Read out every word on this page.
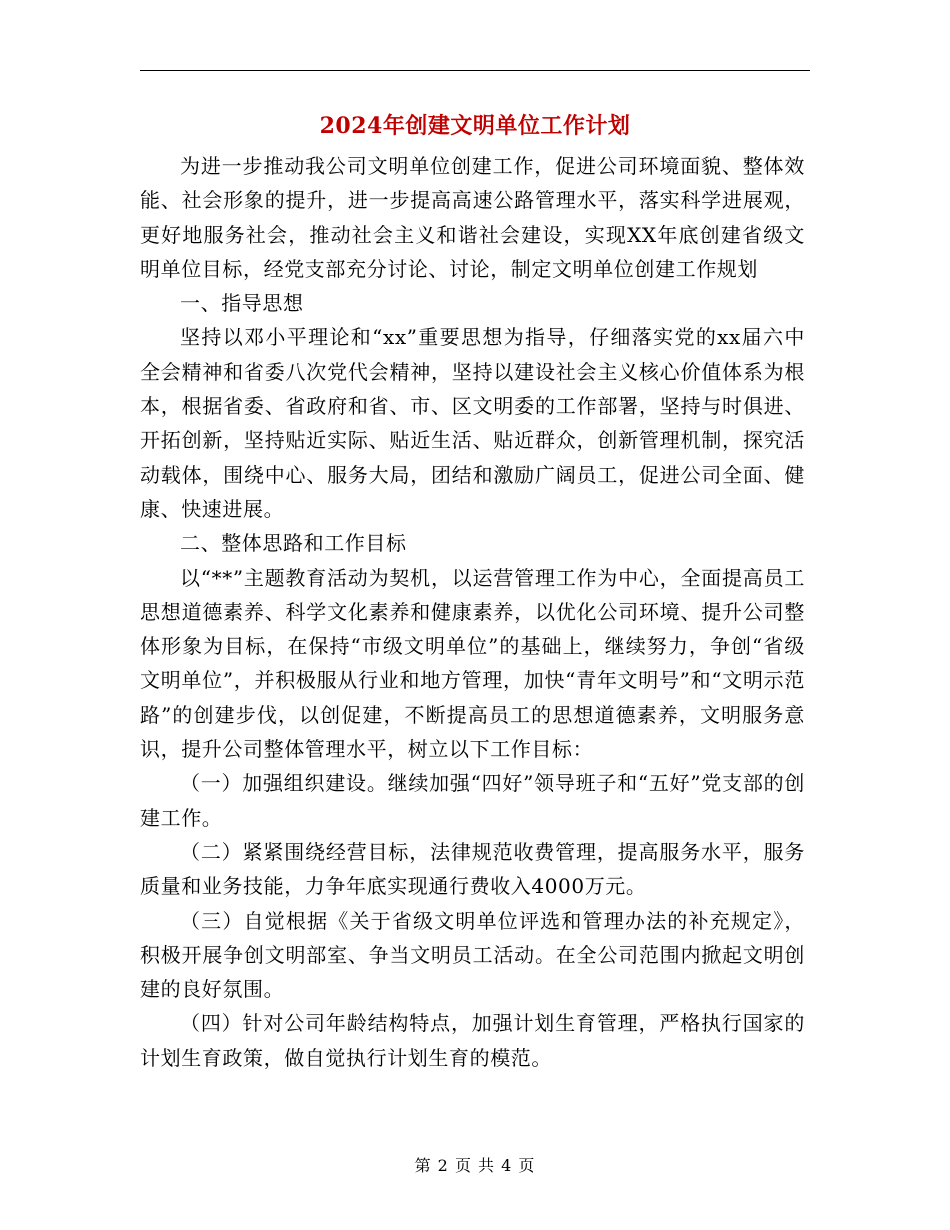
2024年创建文明单位工作计划

为进一步推动我公司文明单位创建工作，促进公司环境面貌、整体效能、社会形象的提升，进一步提高高速公路管理水平，落实科学进展观，更好地服务社会，推动社会主义和谐社会建设，实现XX年底创建省级文明单位目标，经党支部充分讨论、讨论，制定文明单位创建工作规划

一、指导思想

坚持以邓小平理论和“xx”重要思想为指导，仔细落实党的xx届六中全会精神和省委八次党代会精神，坚持以建设社会主义核心价值体系为根本，根据省委、省政府和省、市、区文明委的工作部署，坚持与时俱进、开拓创新，坚持贴近实际、贴近生活、贴近群众，创新管理机制，探究活动载体，围绕中心、服务大局，团结和激励广阔员工，促进公司全面、健康、快速进展。

二、整体思路和工作目标

以“**”主题教育活动为契机，以运营管理工作为中心，全面提高员工思想道德素养、科学文化素养和健康素养，以优化公司环境、提升公司整体形象为目标，在保持“市级文明单位”的基础上，继续努力，争创“省级文明单位”，并积极服从行业和地方管理，加快“青年文明号”和“文明示范路”的创建步伐，以创促建，不断提高员工的思想道德素养，文明服务意识，提升公司整体管理水平，树立以下工作目标：

（一）加强组织建设。继续加强“四好”领导班子和“五好”党支部的创建工作。

（二）紧紧围绕经营目标，法律规范收费管理，提高服务水平，服务质量和业务技能，力争年底实现通行费收入4000万元。

（三）自觉根据《关于省级文明单位评选和管理办法的补充规定》，积极开展争创文明部室、争当文明员工活动。在全公司范围内掀起文明创建的良好氛围。

（四）针对公司年龄结构特点，加强计划生育管理，严格执行国家的计划生育政策，做自觉执行计划生育的模范。

第 2 页 共 4 页
